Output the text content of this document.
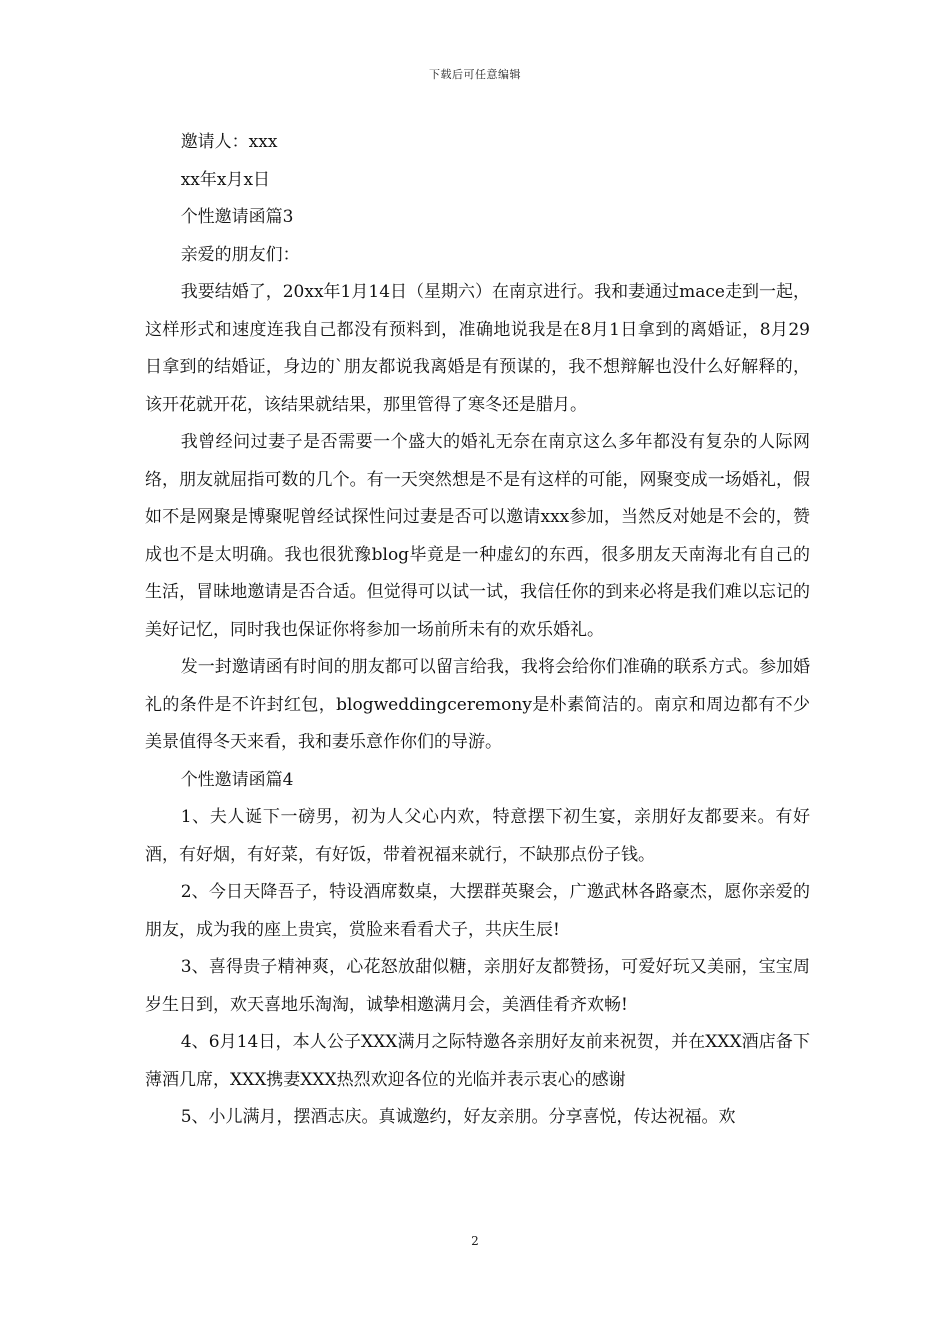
下载后可任意编辑

邀请人：xxx

xx年x月x日

个性邀请函篇3

亲爱的朋友们：

我要结婚了，20xx年1月14日（星期六）在南京进行。我和妻通过mace走到一起，这样形式和速度连我自己都没有预料到，准确地说我是在8月1日拿到的离婚证，8月29日拿到的结婚证，身边的`朋友都说我离婚是有预谋的，我不想辩解也没什么好解释的，该开花就开花，该结果就结果，那里管得了寒冬还是腊月。

我曾经问过妻子是否需要一个盛大的婚礼无奈在南京这么多年都没有复杂的人际网络，朋友就屈指可数的几个。有一天突然想是不是有这样的可能，网聚变成一场婚礼，假如不是网聚是博聚呢曾经试探性问过妻是否可以邀请xxx参加，当然反对她是不会的，赞成也不是太明确。我也很犹豫blog毕竟是一种虚幻的东西，很多朋友天南海北有自己的生活，冒昧地邀请是否合适。但觉得可以试一试，我信任你的到来必将是我们难以忘记的美好记忆，同时我也保证你将参加一场前所未有的欢乐婚礼。

发一封邀请函有时间的朋友都可以留言给我，我将会给你们准确的联系方式。参加婚礼的条件是不许封红包，blogweddingceremony是朴素简洁的。南京和周边都有不少美景值得冬天来看，我和妻乐意作你们的导游。

个性邀请函篇4

1、夫人诞下一磅男，初为人父心内欢，特意摆下初生宴，亲朋好友都要来。有好酒，有好烟，有好菜，有好饭，带着祝福来就行，不缺那点份子钱。

2、今日天降吾子，特设酒席数桌，大摆群英聚会，广邀武林各路豪杰，愿你亲爱的朋友，成为我的座上贵宾，赏脸来看看犬子，共庆生辰!

3、喜得贵子精神爽，心花怒放甜似糖，亲朋好友都赞扬，可爱好玩又美丽，宝宝周岁生日到，欢天喜地乐淘淘，诚挚相邀满月会，美酒佳肴齐欢畅!

4、6月14日，本人公子XXX满月之际特邀各亲朋好友前来祝贺，并在XXX酒店备下薄酒几席，XXX携妻XXX热烈欢迎各位的光临并表示衷心的感谢

5、小儿满月，摆酒志庆。真诚邀约，好友亲朋。分享喜悦，传达祝福。欢

2
